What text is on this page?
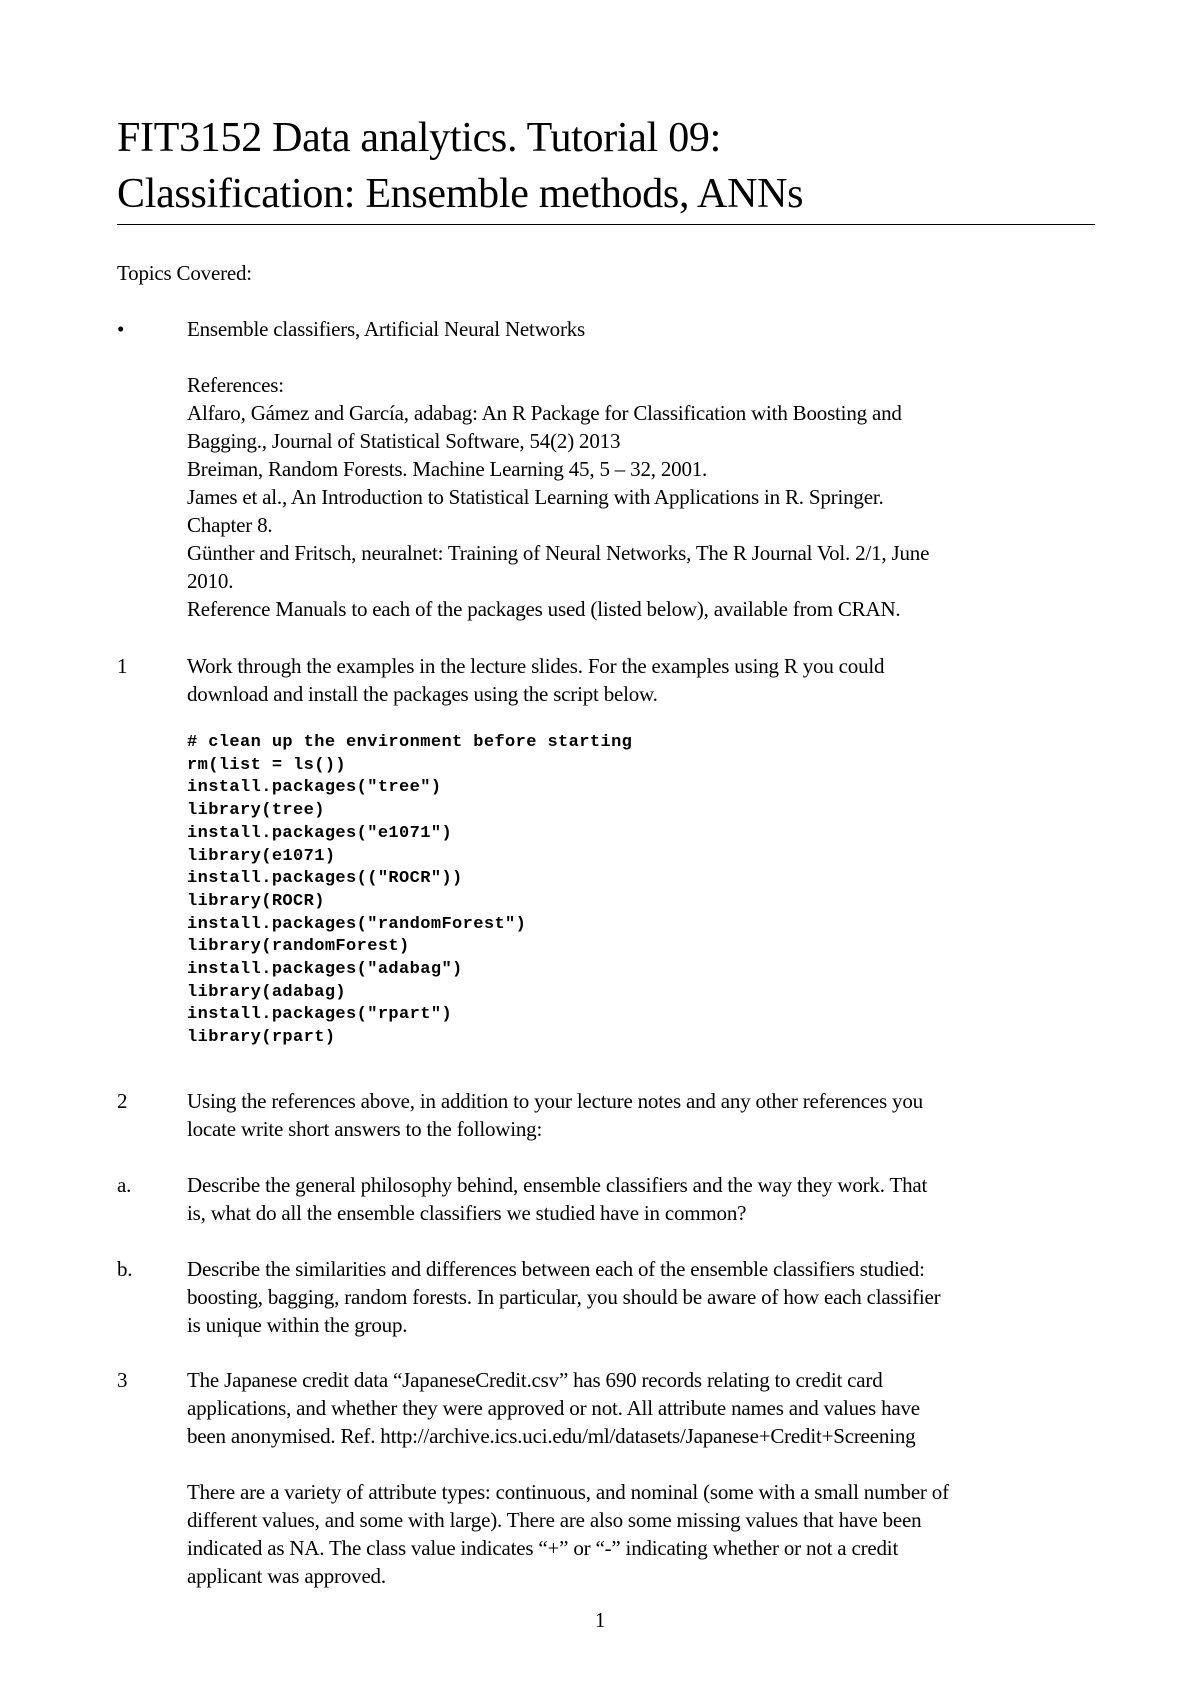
FIT3152 Data analytics. Tutorial 09:
Classification: Ensemble methods, ANNs
Topics Covered:
•	Ensemble classifiers, Artificial Neural Networks
References:
Alfaro, Gámez and García, adabag: An R Package for Classification with Boosting and
Bagging., Journal of Statistical Software, 54(2) 2013
Breiman, Random Forests. Machine Learning 45, 5 – 32, 2001.
James et al., An Introduction to Statistical Learning with Applications in R. Springer.
Chapter 8.
Günther and Fritsch, neuralnet: Training of Neural Networks, The R Journal Vol. 2/1, June
2010.
Reference Manuals to each of the packages used (listed below), available from CRAN.
1	Work through the examples in the lecture slides. For the examples using R you could
download and install the packages using the script below.
# clean up the environment before starting
rm(list = ls())
install.packages("tree")
library(tree)
install.packages("e1071")
library(e1071)
install.packages(("ROCR"))
library(ROCR)
install.packages("randomForest")
library(randomForest)
install.packages("adabag")
library(adabag)
install.packages("rpart")
library(rpart)
2	Using the references above, in addition to your lecture notes and any other references you
locate write short answers to the following:
a.	Describe the general philosophy behind, ensemble classifiers and the way they work. That
is, what do all the ensemble classifiers we studied have in common?
b.	Describe the similarities and differences between each of the ensemble classifiers studied:
boosting, bagging, random forests. In particular, you should be aware of how each classifier
is unique within the group.
3	The Japanese credit data “JapaneseCredit.csv” has 690 records relating to credit card
applications, and whether they were approved or not. All attribute names and values have
been anonymised. Ref. http://archive.ics.uci.edu/ml/datasets/Japanese+Credit+Screening
There are a variety of attribute types: continuous, and nominal (some with a small number of
different values, and some with large). There are also some missing values that have been
indicated as NA. The class value indicates “+” or “-” indicating whether or not a credit
applicant was approved.
1
